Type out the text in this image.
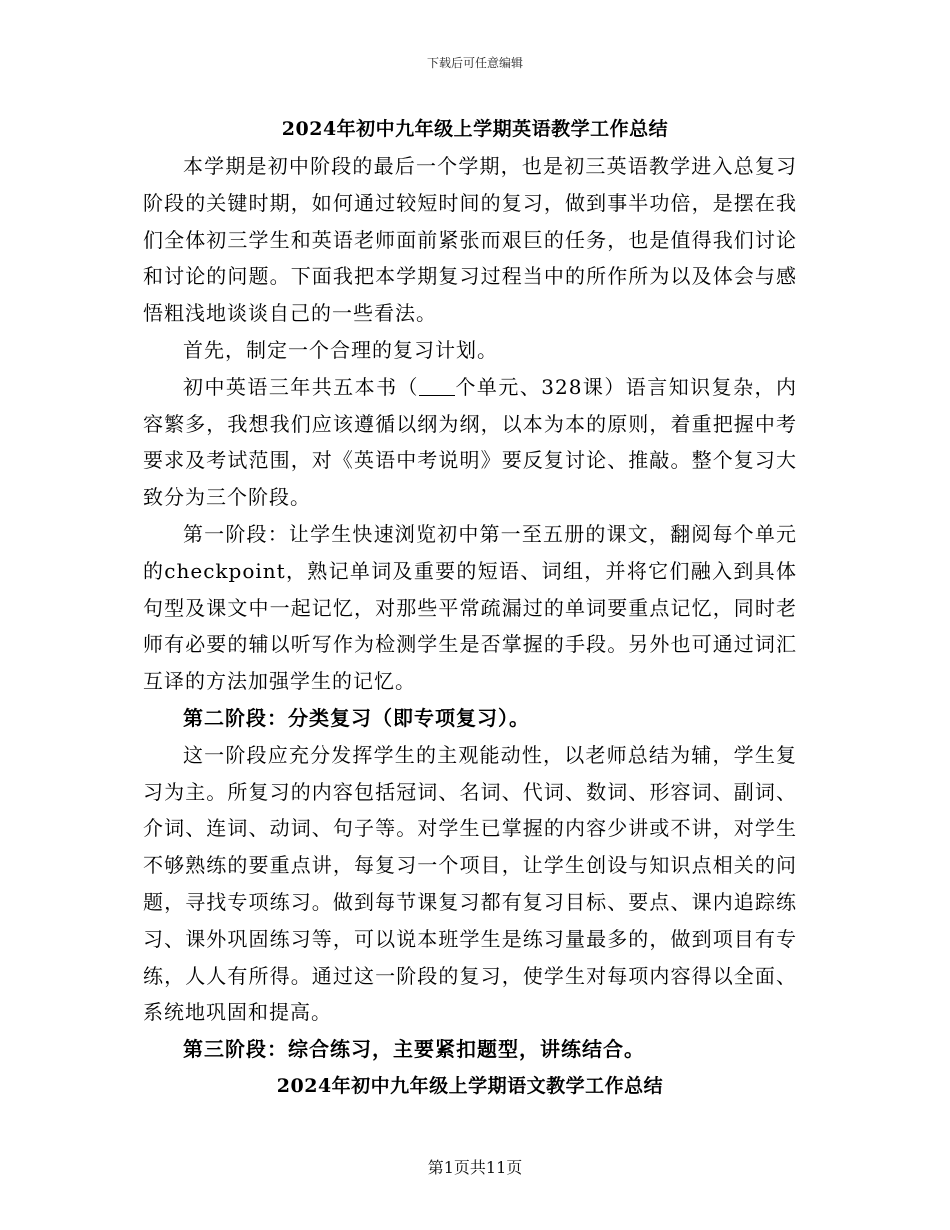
下载后可任意编辑
2024年初中九年级上学期英语教学工作总结

本学期是初中阶段的最后一个学期，也是初三英语教学进入总复习阶段的关键时期，如何通过较短时间的复习，做到事半功倍，是摆在我们全体初三学生和英语老师面前紧张而艰巨的任务，也是值得我们讨论和讨论的问题。下面我把本学期复习过程当中的所作所为以及体会与感悟粗浅地谈谈自己的一些看法。

首先，制定一个合理的复习计划。

初中英语三年共五本书（ 个单元、328课）语言知识复杂，内容繁多，我想我们应该遵循以纲为纲，以本为本的原则，着重把握中考要求及考试范围，对《英语中考说明》要反复讨论、推敲。整个复习大致分为三个阶段。

第一阶段：让学生快速浏览初中第一至五册的课文，翻阅每个单元的checkpoint，熟记单词及重要的短语、词组，并将它们融入到具体句型及课文中一起记忆，对那些平常疏漏过的单词要重点记忆，同时老师有必要的辅以听写作为检测学生是否掌握的手段。另外也可通过词汇互译的方法加强学生的记忆。

第二阶段：分类复习（即专项复习）。

这一阶段应充分发挥学生的主观能动性，以老师总结为辅，学生复习为主。所复习的内容包括冠词、名词、代词、数词、形容词、副词、介词、连词、动词、句子等。对学生已掌握的内容少讲或不讲，对学生不够熟练的要重点讲，每复习一个项目，让学生创设与知识点相关的问题，寻找专项练习。做到每节课复习都有复习目标、要点、课内追踪练习、课外巩固练习等，可以说本班学生是练习量最多的，做到项目有专练，人人有所得。通过这一阶段的复习，使学生对每项内容得以全面、系统地巩固和提高。

第三阶段：综合练习，主要紧扣题型，讲练结合。

2024年初中九年级上学期语文教学工作总结

第1页共11页
